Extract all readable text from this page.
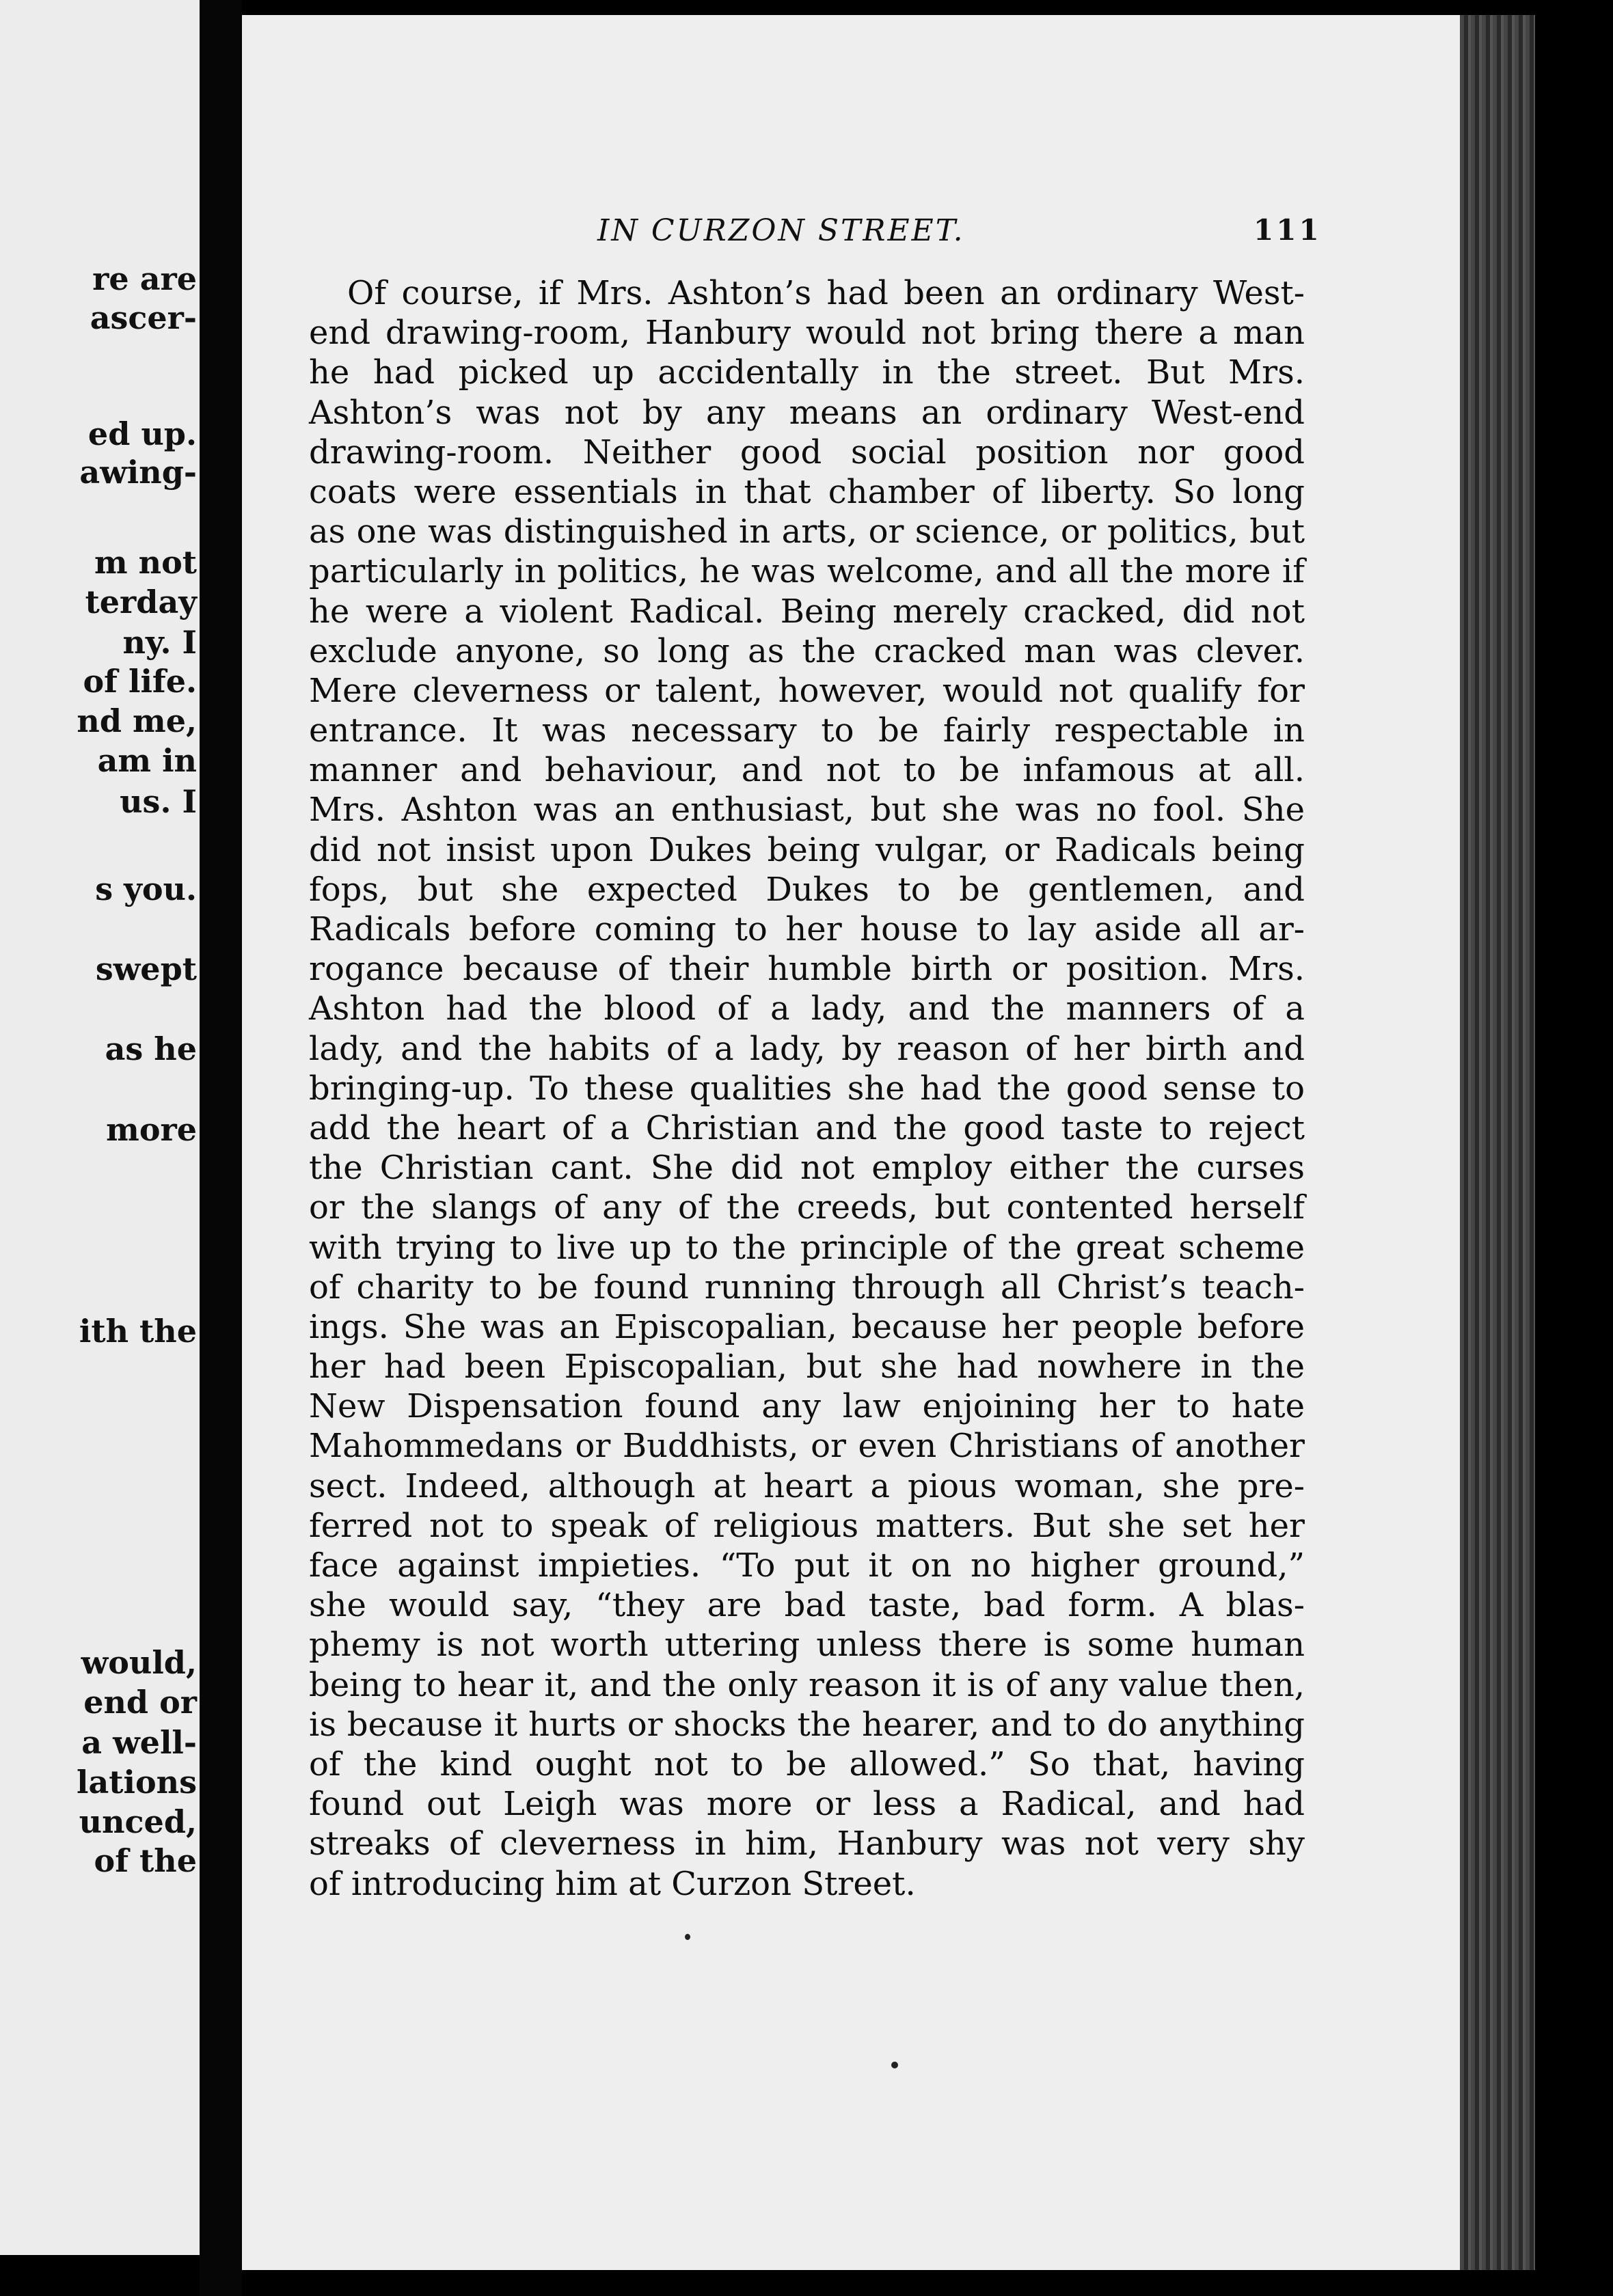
re are
ascer-
ed up.
awing-
m not
terday
ny. I
of life.
nd me,
am in
us. I
s you.
swept
as he
more
ith the
would,
end or
a well-
lations
unced,
of the
IN CURZON STREET.	111
Of course, if Mrs. Ashton’s had been an ordinary West-
end drawing-room, Hanbury would not bring there a man
he had picked up accidentally in the street. But Mrs.
Ashton’s was not by any means an ordinary West-end
drawing-room. Neither good social position nor good
coats were essentials in that chamber of liberty. So long
as one was distinguished in arts, or science, or politics, but
particularly in politics, he was welcome, and all the more if
he were a violent Radical. Being merely cracked, did not
exclude anyone, so long as the cracked man was clever.
Mere cleverness or talent, however, would not qualify for
entrance. It was necessary to be fairly respectable in
manner and behaviour, and not to be infamous at all.
Mrs. Ashton was an enthusiast, but she was no fool. She
did not insist upon Dukes being vulgar, or Radicals being
fops, but she expected Dukes to be gentlemen, and
Radicals before coming to her house to lay aside all ar-
rogance because of their humble birth or position. Mrs.
Ashton had the blood of a lady, and the manners of a
lady, and the habits of a lady, by reason of her birth and
bringing-up. To these qualities she had the good sense to
add the heart of a Christian and the good taste to reject
the Christian cant. She did not employ either the curses
or the slangs of any of the creeds, but contented herself
with trying to live up to the principle of the great scheme
of charity to be found running through all Christ’s teach-
ings. She was an Episcopalian, because her people before
her had been Episcopalian, but she had nowhere in the
New Dispensation found any law enjoining her to hate
Mahommedans or Buddhists, or even Christians of another
sect. Indeed, although at heart a pious woman, she pre-
ferred not to speak of religious matters. But she set her
face against impieties. “To put it on no higher ground,”
she would say, “they are bad taste, bad form. A blas-
phemy is not worth uttering unless there is some human
being to hear it, and the only reason it is of any value then,
is because it hurts or shocks the hearer, and to do anything
of the kind ought not to be allowed.” So that, having
found out Leigh was more or less a Radical, and had
streaks of cleverness in him, Hanbury was not very shy
of introducing him at Curzon Street.
